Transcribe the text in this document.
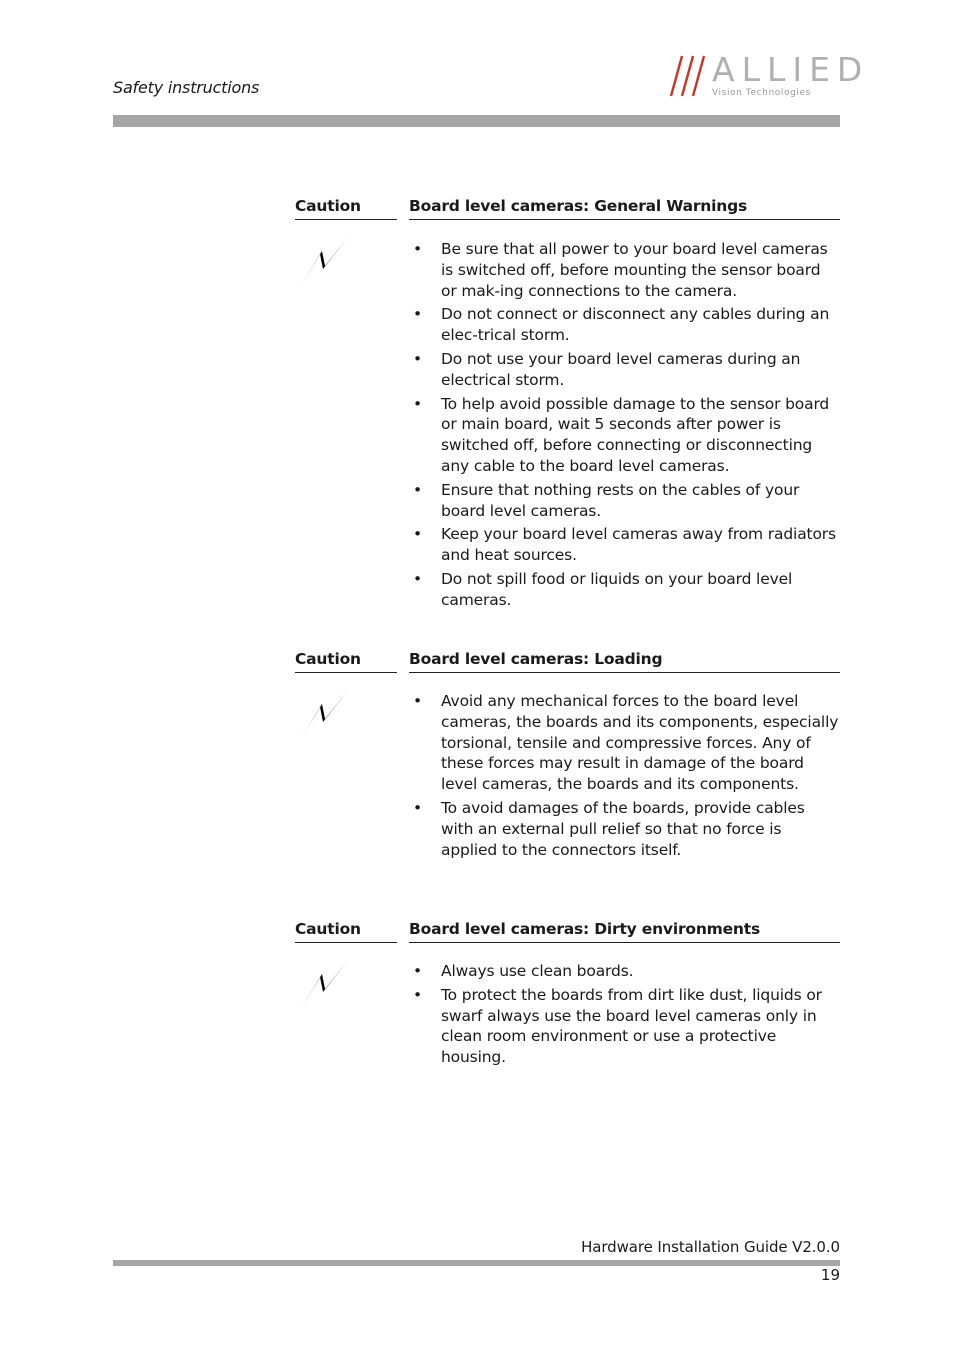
Safety instructions	ALLIED
Vision Technologies
Caution	Board level cameras: General Warnings
• Be sure that all power to your board level cameras is switched off, before mounting the sensor board or mak-ing connections to the camera.
• Do not connect or disconnect any cables during an elec-trical storm.
• Do not use your board level cameras during an electrical storm.
• To help avoid possible damage to the sensor board or main board, wait 5 seconds after power is switched off, before connecting or disconnecting any cable to the board level cameras.
• Ensure that nothing rests on the cables of your board level cameras.
• Keep your board level cameras away from radiators and heat sources.
• Do not spill food or liquids on your board level cameras.
Caution	Board level cameras: Loading
• Avoid any mechanical forces to the board level cameras, the boards and its components, especially torsional, tensile and compressive forces. Any of these forces may result in damage of the board level cameras, the boards and its components.
• To avoid damages of the boards, provide cables with an external pull relief so that no force is applied to the connectors itself.
Caution	Board level cameras: Dirty environments
• Always use clean boards.
• To protect the boards from dirt like dust, liquids or swarf always use the board level cameras only in clean room environment or use a protective housing.
Hardware Installation Guide V2.0.0
19
